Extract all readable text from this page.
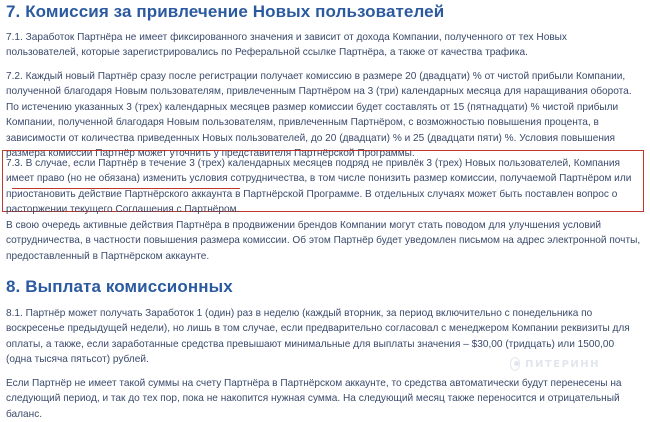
7. Комиссия за привлечение Новых пользователей

7.1. Заработок Партнёра не имеет фиксированного значения и зависит от дохода Компании, полученного от тех Новых пользователей, которые зарегистрировались по Реферальной ссылке Партнёра, а также от качества трафика.

7.2. Каждый новый Партнёр сразу после регистрации получает комиссию в размере 20 (двадцати) % от чистой прибыли Компании, полученной благодаря Новым пользователям, привлеченным Партнёром на 3 (три) календарных месяца для наращивания оборота. По истечению указанных 3 (трех) календарных месяцев размер комиссии будет составлять от 15 (пятнадцати) % чистой прибыли Компании, полученной благодаря Новым пользователям, привлеченным Партнёром, с возможностью повышения процента, в зависимости от количества приведенных Новых пользователей, до 20 (двадцати) % и 25 (двадцати пяти) %. Условия повышения размера комиссии Партнёр может уточнить у представителя Партнёрской Программы.

7.3. В случае, если Партнёр в течение 3 (трех) календарных месяцев подряд не привлёк 3 (трех) Новых пользователей, Компания имеет право (но не обязана) изменить условия сотрудничества, в том числе понизить размер комиссии, получаемой Партнёром или приостановить действие Партнёрского аккаунта в Партнёрской Программе. В отдельных случаях может быть поставлен вопрос о расторжении текущего Соглашения с Партнёром.

В свою очередь активные действия Партнёра в продвижении брендов Компании могут стать поводом для улучшения условий сотрудничества, в частности повышения размера комиссии. Об этом Партнёр будет уведомлен письмом на адрес электронной почты, предоставленный в Партнёрском аккаунте.

8. Выплата комиссионных

8.1. Партнёр может получать Заработок 1 (один) раз в неделю (каждый вторник, за период включительно с понедельника по воскресенье предыдущей недели), но лишь в том случае, если предварительно согласовал с менеджером Компании реквизиты для оплаты, а также, если заработанные средства превышают минимальные для выплаты значения – $30,00 (тридцать) или 1500,00 (одна тысяча пятьсот) рублей.	ПИТЕРИНН

Если Партнёр не имеет такой суммы на счету Партнёра в Партнёрском аккаунте, то средства автоматически будут перенесены на следующий период, и так до тех пор, пока не накопится нужная сумма. На следующий месяц также переносится и отрицательный баланс.
